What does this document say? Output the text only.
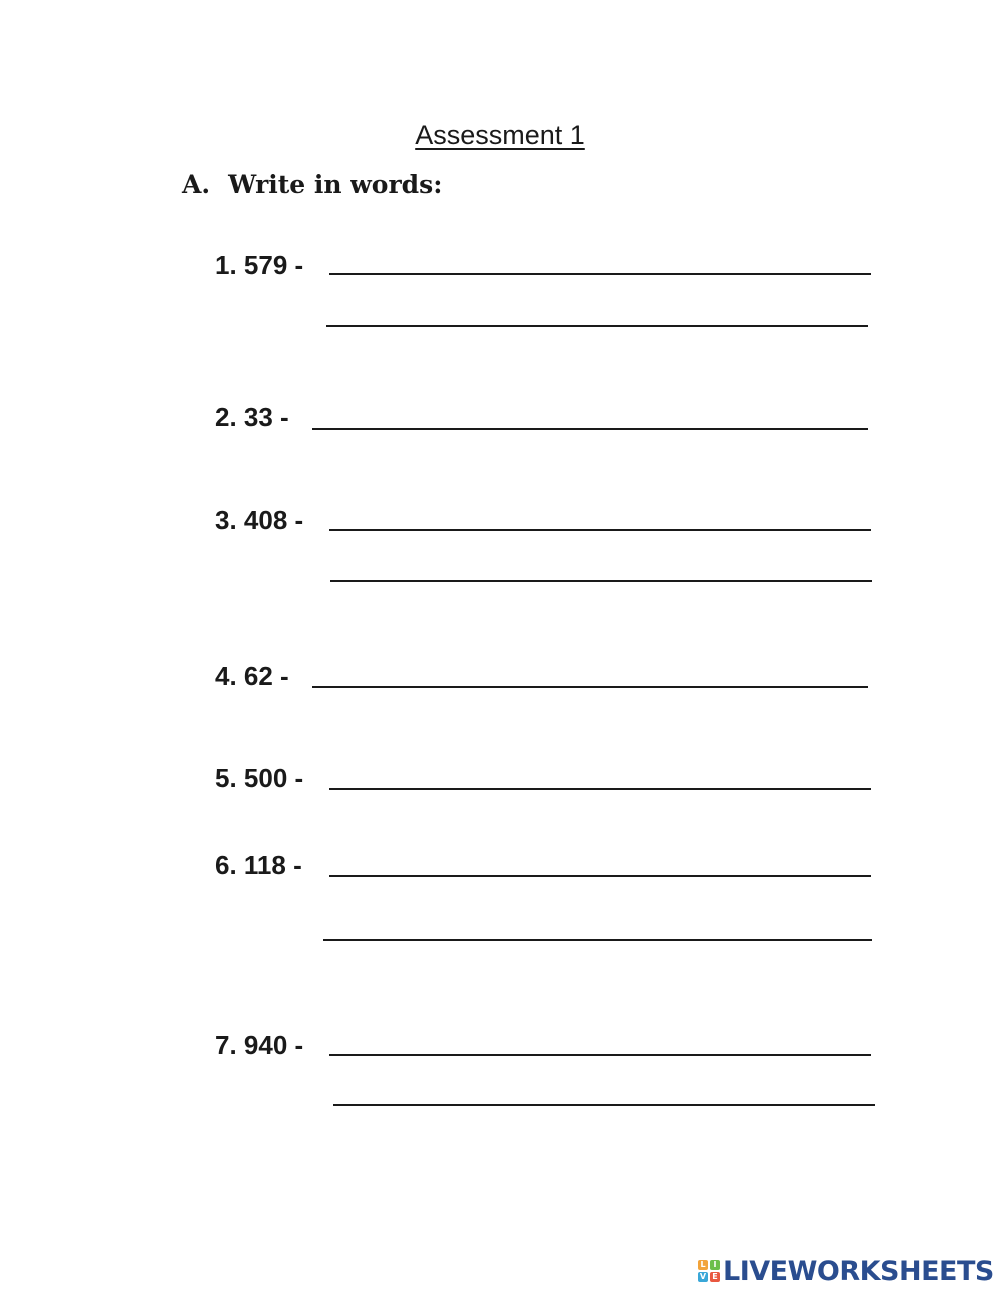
Assessment 1
A. Write in words:
1. 579 -
2. 33 -
3. 408 -
4. 62 -
5. 500 -
6. 118 -
7. 940 -
L I
V E LIVEWORKSHEETS
